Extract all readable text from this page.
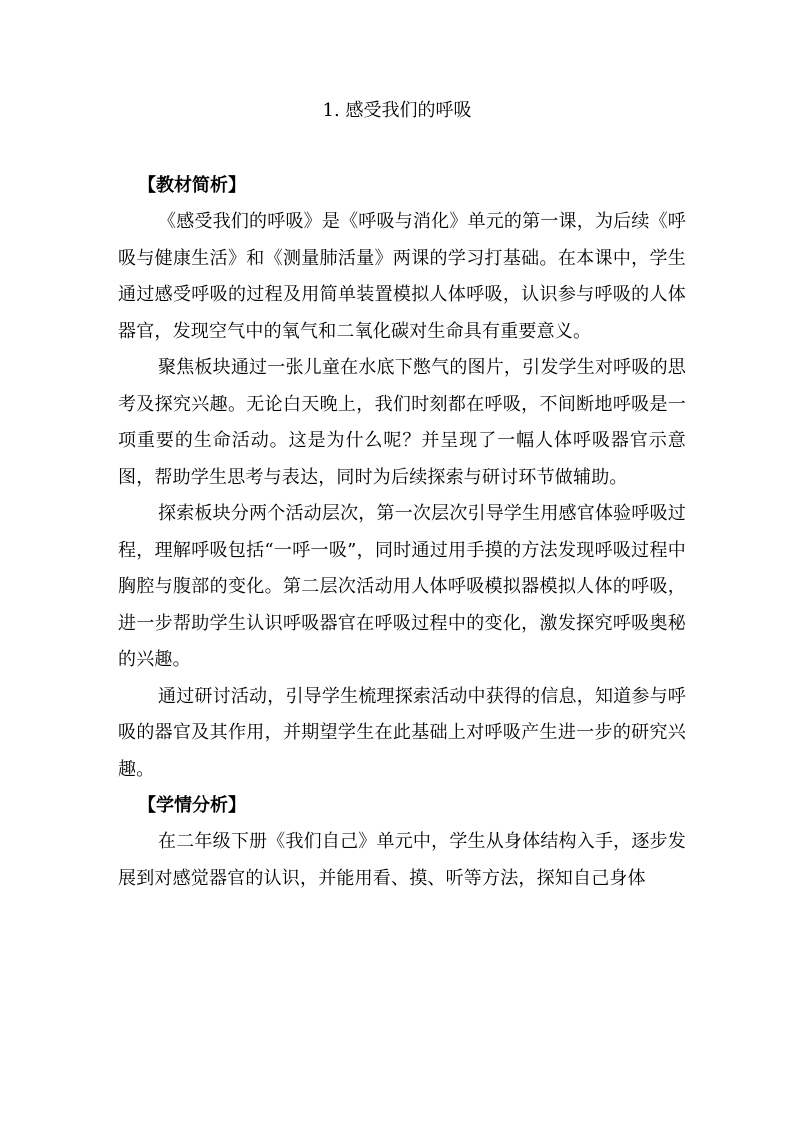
1. 感受我们的呼吸
【教材简析】

《感受我们的呼吸》是《呼吸与消化》单元的第一课，为后续《呼吸与健康生活》和《测量肺活量》两课的学习打基础。在本课中，学生通过感受呼吸的过程及用简单装置模拟人体呼吸，认识参与呼吸的人体器官，发现空气中的氧气和二氧化碳对生命具有重要意义。

聚焦板块通过一张儿童在水底下憋气的图片，引发学生对呼吸的思考及探究兴趣。无论白天晚上，我们时刻都在呼吸，不间断地呼吸是一项重要的生命活动。这是为什么呢？并呈现了一幅人体呼吸器官示意图，帮助学生思考与表达，同时为后续探索与研讨环节做辅助。

探索板块分两个活动层次，第一次层次引导学生用感官体验呼吸过程，理解呼吸包括“一呼一吸”，同时通过用手摸的方法发现呼吸过程中胸腔与腹部的变化。第二层次活动用人体呼吸模拟器模拟人体的呼吸，进一步帮助学生认识呼吸器官在呼吸过程中的变化，激发探究呼吸奥秘的兴趣。

通过研讨活动，引导学生梳理探索活动中获得的信息，知道参与呼吸的器官及其作用，并期望学生在此基础上对呼吸产生进一步的研究兴趣。

【学情分析】

在二年级下册《我们自己》单元中，学生从身体结构入手，逐步发展到对感觉器官的认识，并能用看、摸、听等方法，探知自己身体
